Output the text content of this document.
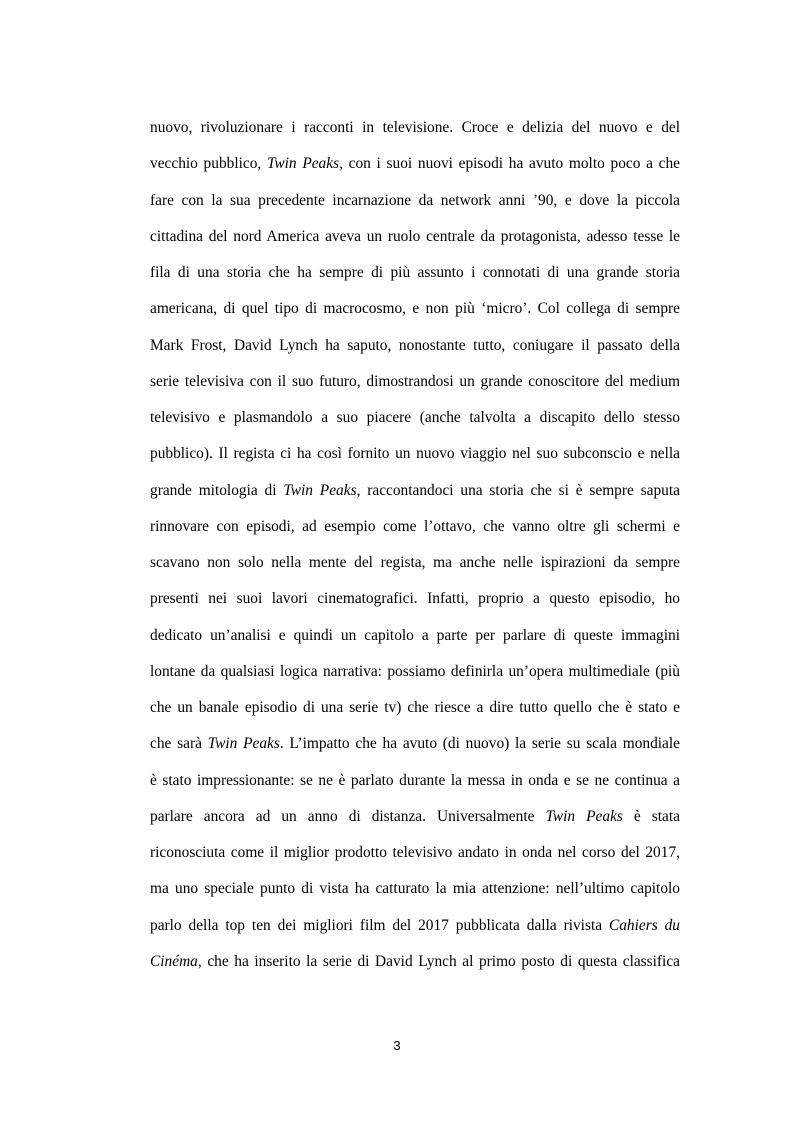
nuovo, rivoluzionare i racconti in televisione. Croce e delizia del nuovo e del
vecchio pubblico, Twin Peaks, con i suoi nuovi episodi ha avuto molto poco a che
fare con la sua precedente incarnazione da network anni ’90, e dove la piccola
cittadina del nord America aveva un ruolo centrale da protagonista, adesso tesse le
fila di una storia che ha sempre di più assunto i connotati di una grande storia
americana, di quel tipo di macrocosmo, e non più ‘micro’. Col collega di sempre
Mark Frost, David Lynch ha saputo, nonostante tutto, coniugare il passato della
serie televisiva con il suo futuro, dimostrandosi un grande conoscitore del medium
televisivo e plasmandolo a suo piacere (anche talvolta a discapito dello stesso
pubblico). Il regista ci ha così fornito un nuovo viaggio nel suo subconscio e nella
grande mitologia di Twin Peaks, raccontandoci una storia che si è sempre saputa
rinnovare con episodi, ad esempio come l’ottavo, che vanno oltre gli schermi e
scavano non solo nella mente del regista, ma anche nelle ispirazioni da sempre
presenti nei suoi lavori cinematografici. Infatti, proprio a questo episodio, ho
dedicato un’analisi e quindi un capitolo a parte per parlare di queste immagini
lontane da qualsiasi logica narrativa: possiamo definirla un’opera multimediale (più
che un banale episodio di una serie tv) che riesce a dire tutto quello che è stato e
che sarà Twin Peaks. L’impatto che ha avuto (di nuovo) la serie su scala mondiale
è stato impressionante: se ne è parlato durante la messa in onda e se ne continua a
parlare ancora ad un anno di distanza. Universalmente Twin Peaks è stata
riconosciuta come il miglior prodotto televisivo andato in onda nel corso del 2017,
ma uno speciale punto di vista ha catturato la mia attenzione: nell’ultimo capitolo
parlo della top ten dei migliori film del 2017 pubblicata dalla rivista Cahiers du
Cinéma, che ha inserito la serie di David Lynch al primo posto di questa classifica
3
